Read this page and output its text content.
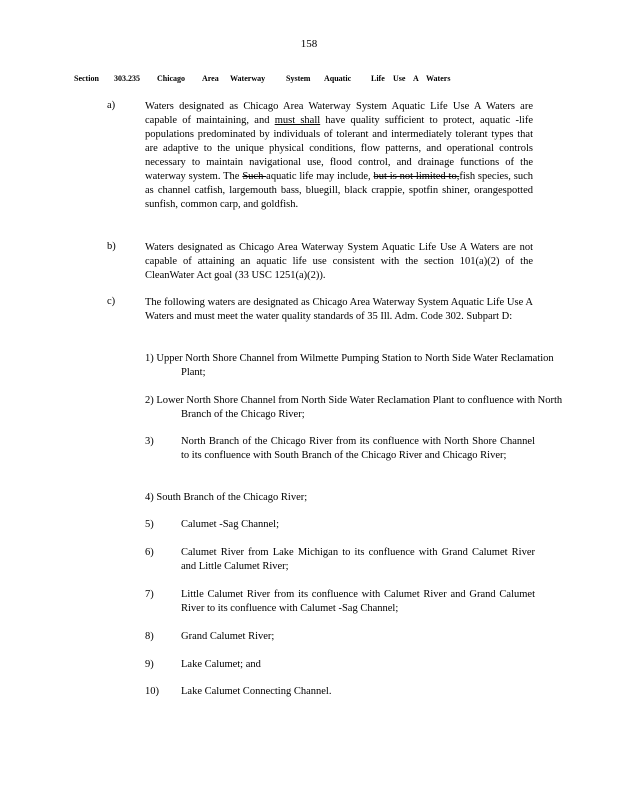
158
Section 303.235 Chicago Area Waterway	System Aquatic Life Use A Waters
a)	Waters designated as Chicago Area Waterway System Aquatic Life Use A Waters are capable of maintaining, and must shall have quality sufficient to protect, aquatic -life populations predominated by individuals of tolerant and intermediately tolerant types that are adaptive to the unique physical conditions, flow patterns, and operational controls necessary to maintain navigational use, flood control, and drainage functions of the waterway system. The Such aquatic life may include, but is not limited to,fish species, such as channel catfish, largemouth bass, bluegill, black crappie, spotfin shiner, orangespotted sunfish, common carp, and goldfish.
b)	Waters designated as Chicago Area Waterway System Aquatic Life Use A Waters are not capable of attaining an aquatic life use consistent with the section 101(a)(2) of the CleanWater Act goal (33 USC 1251(a)(2)).
c)	The following waters are designated as Chicago Area Waterway System Aquatic Life Use A Waters and must meet the water quality standards of 35 Ill. Adm. Code 302. Subpart D:
1) Upper North Shore Channel from Wilmette Pumping Station to North Side Water Reclamation Plant;
2) Lower North Shore Channel from North Side Water Reclamation Plant to confluence with North Branch of the Chicago River;
3)	North Branch of the Chicago River from its confluence with North Shore Channel to its confluence with South Branch of the Chicago River and Chicago River;
4) South Branch of the Chicago River;
5)	Calumet -Sag Channel;
6)	Calumet River from Lake Michigan to its confluence with Grand Calumet River and Little Calumet River;
7)	Little Calumet River from its confluence with Calumet River and Grand Calumet River to its confluence with Calumet -Sag Channel;
8)	Grand Calumet River;
9)	Lake Calumet; and
10)	Lake Calumet Connecting Channel.
